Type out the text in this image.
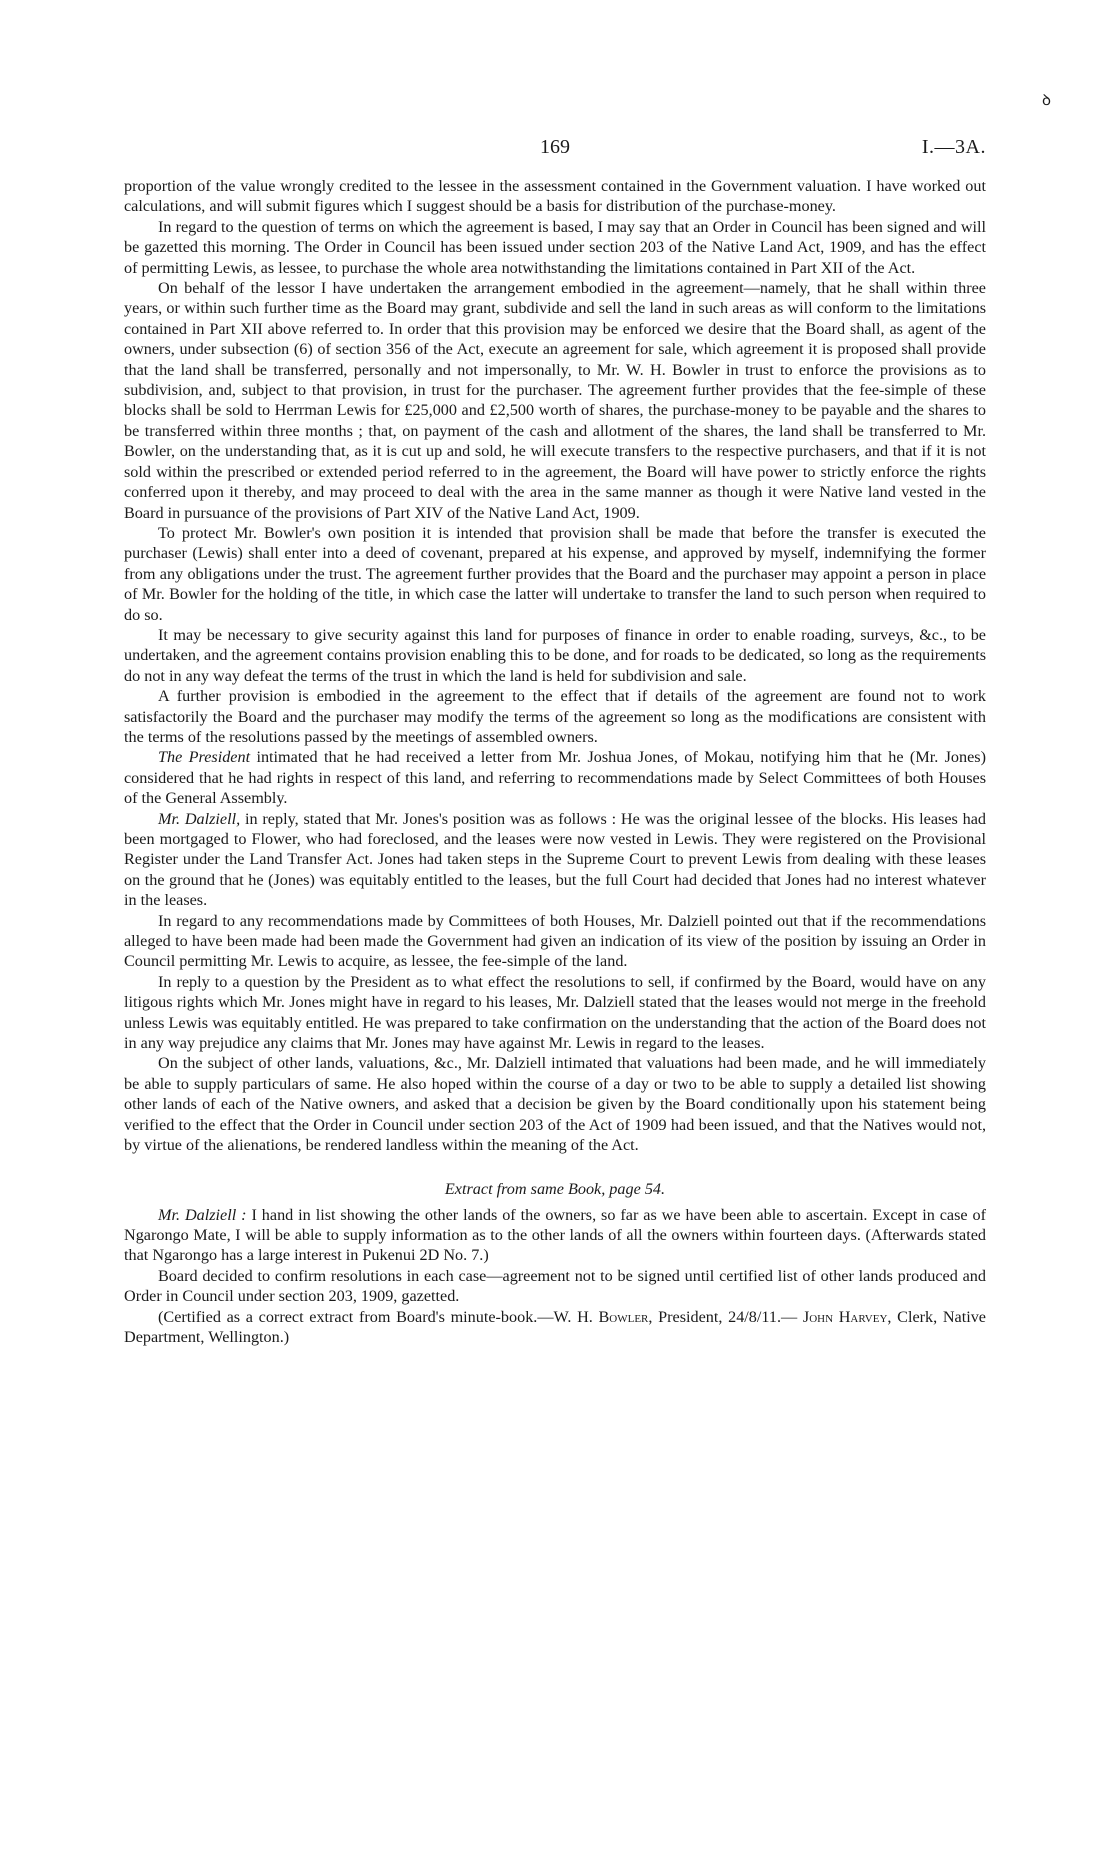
ꝺ
169	I.—3A.

proportion of the value wrongly credited to the lessee in the assessment contained in the Government valuation. I have worked out calculations, and will submit figures which I suggest should be a basis for distribution of the purchase-money.

In regard to the question of terms on which the agreement is based, I may say that an Order in Council has been signed and will be gazetted this morning. The Order in Council has been issued under section 203 of the Native Land Act, 1909, and has the effect of permitting Lewis, as lessee, to purchase the whole area notwithstanding the limitations contained in Part XII of the Act.

On behalf of the lessor I have undertaken the arrangement embodied in the agreement—namely, that he shall within three years, or within such further time as the Board may grant, subdivide and sell the land in such areas as will conform to the limitations contained in Part XII above referred to. In order that this provision may be enforced we desire that the Board shall, as agent of the owners, under subsection (6) of section 356 of the Act, execute an agreement for sale, which agreement it is proposed shall provide that the land shall be transferred, personally and not impersonally, to Mr. W. H. Bowler in trust to enforce the provisions as to subdivision, and, subject to that provision, in trust for the purchaser. The agreement further provides that the fee-simple of these blocks shall be sold to Herrman Lewis for £25,000 and £2,500 worth of shares, the purchase-money to be payable and the shares to be transferred within three months ; that, on payment of the cash and allotment of the shares, the land shall be transferred to Mr. Bowler, on the understanding that, as it is cut up and sold, he will execute transfers to the respective purchasers, and that if it is not sold within the prescribed or extended period referred to in the agreement, the Board will have power to strictly enforce the rights conferred upon it thereby, and may proceed to deal with the area in the same manner as though it were Native land vested in the Board in pursuance of the provisions of Part XIV of the Native Land Act, 1909.

To protect Mr. Bowler's own position it is intended that provision shall be made that before the transfer is executed the purchaser (Lewis) shall enter into a deed of covenant, prepared at his expense, and approved by myself, indemnifying the former from any obligations under the trust. The agreement further provides that the Board and the purchaser may appoint a person in place of Mr. Bowler for the holding of the title, in which case the latter will undertake to transfer the land to such person when required to do so.

It may be necessary to give security against this land for purposes of finance in order to enable roading, surveys, &c., to be undertaken, and the agreement contains provision enabling this to be done, and for roads to be dedicated, so long as the requirements do not in any way defeat the terms of the trust in which the land is held for subdivision and sale.

A further provision is embodied in the agreement to the effect that if details of the agreement are found not to work satisfactorily the Board and the purchaser may modify the terms of the agreement so long as the modifications are consistent with the terms of the resolutions passed by the meetings of assembled owners.

The President intimated that he had received a letter from Mr. Joshua Jones, of Mokau, notifying him that he (Mr. Jones) considered that he had rights in respect of this land, and referring to recommendations made by Select Committees of both Houses of the General Assembly.

Mr. Dalziell, in reply, stated that Mr. Jones's position was as follows : He was the original lessee of the blocks. His leases had been mortgaged to Flower, who had foreclosed, and the leases were now vested in Lewis. They were registered on the Provisional Register under the Land Transfer Act. Jones had taken steps in the Supreme Court to prevent Lewis from dealing with these leases on the ground that he (Jones) was equitably entitled to the leases, but the full Court had decided that Jones had no interest whatever in the leases.

In regard to any recommendations made by Committees of both Houses, Mr. Dalziell pointed out that if the recommendations alleged to have been made had been made the Government had given an indication of its view of the position by issuing an Order in Council permitting Mr. Lewis to acquire, as lessee, the fee-simple of the land.

In reply to a question by the President as to what effect the resolutions to sell, if confirmed by the Board, would have on any litigous rights which Mr. Jones might have in regard to his leases, Mr. Dalziell stated that the leases would not merge in the freehold unless Lewis was equitably entitled. He was prepared to take confirmation on the understanding that the action of the Board does not in any way prejudice any claims that Mr. Jones may have against Mr. Lewis in regard to the leases.

On the subject of other lands, valuations, &c., Mr. Dalziell intimated that valuations had been made, and he will immediately be able to supply particulars of same. He also hoped within the course of a day or two to be able to supply a detailed list showing other lands of each of the Native owners, and asked that a decision be given by the Board conditionally upon his statement being verified to the effect that the Order in Council under section 203 of the Act of 1909 had been issued, and that the Natives would not, by virtue of the alienations, be rendered landless within the meaning of the Act.

Extract from same Book, page 54.

Mr. Dalziell : I hand in list showing the other lands of the owners, so far as we have been able to ascertain. Except in case of Ngarongo Mate, I will be able to supply information as to the other lands of all the owners within fourteen days. (Afterwards stated that Ngarongo has a large interest in Pukenui 2D No. 7.)

Board decided to confirm resolutions in each case—agreement not to be signed until certified list of other lands produced and Order in Council under section 203, 1909, gazetted.

(Certified as a correct extract from Board's minute-book.—W. H. Bowler, President, 24/8/11.— John Harvey, Clerk, Native Department, Wellington.)
